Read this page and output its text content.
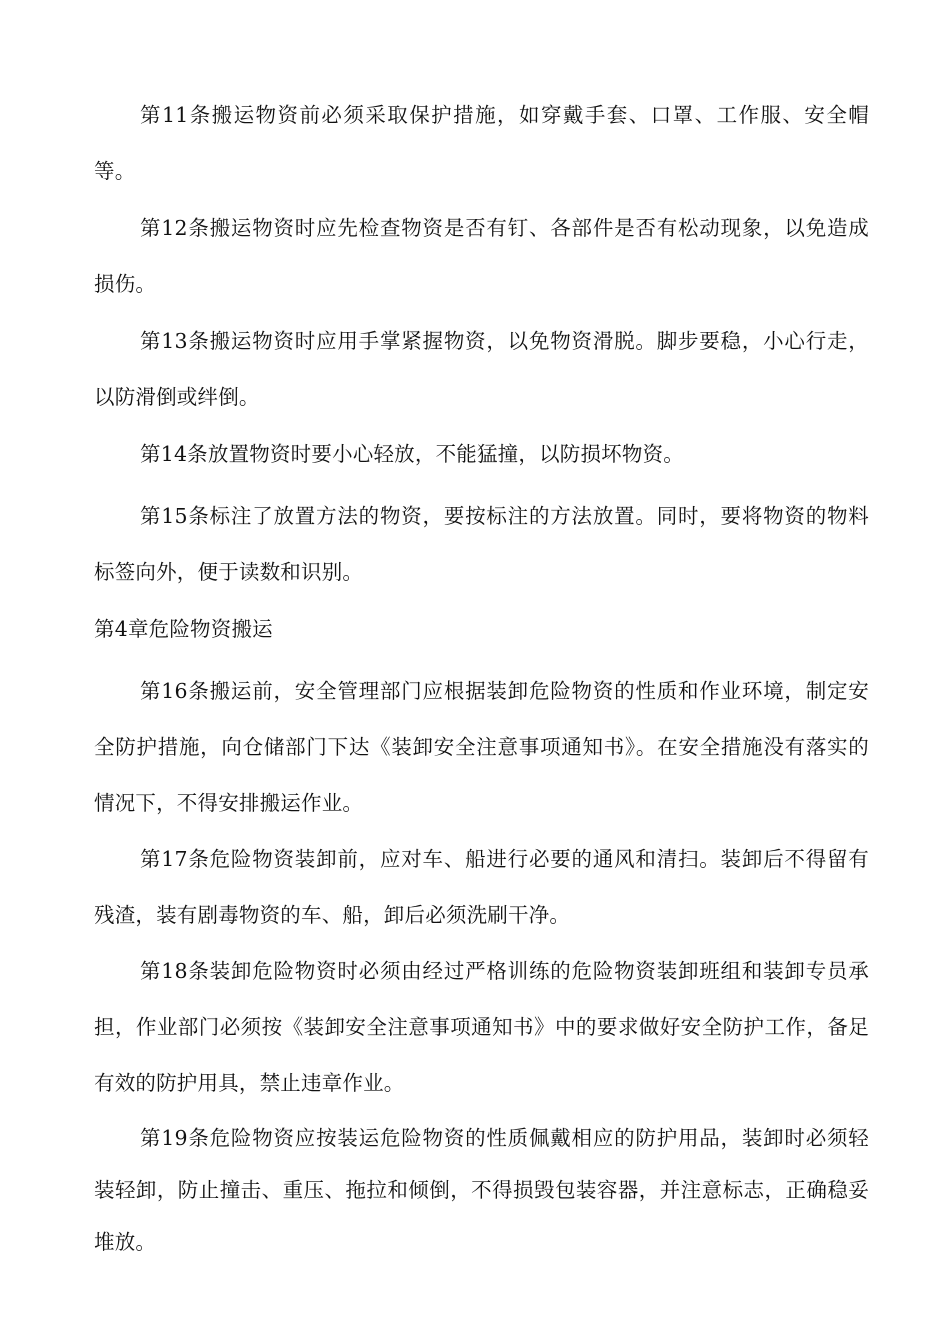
第11条搬运物资前必须采取保护措施，如穿戴手套、口罩、工作服、安全帽等。

第12条搬运物资时应先检查物资是否有钉、各部件是否有松动现象，以免造成损伤。

第13条搬运物资时应用手掌紧握物资，以免物资滑脱。脚步要稳，小心行走，以防滑倒或绊倒。

第14条放置物资时要小心轻放，不能猛撞，以防损坏物资。

第15条标注了放置方法的物资，要按标注的方法放置。同时，要将物资的物料标签向外，便于读数和识别。

第4章危险物资搬运

第16条搬运前，安全管理部门应根据装卸危险物资的性质和作业环境，制定安全防护措施，向仓储部门下达《装卸安全注意事项通知书》。在安全措施没有落实的情况下，不得安排搬运作业。

第17条危险物资装卸前，应对车、船进行必要的通风和清扫。装卸后不得留有残渣，装有剧毒物资的车、船，卸后必须洗刷干净。

第18条装卸危险物资时必须由经过严格训练的危险物资装卸班组和装卸专员承担，作业部门必须按《装卸安全注意事项通知书》中的要求做好安全防护工作，备足有效的防护用具，禁止违章作业。

第19条危险物资应按装运危险物资的性质佩戴相应的防护用品，装卸时必须轻装轻卸，防止撞击、重压、拖拉和倾倒，不得损毁包装容器，并注意标志，正确稳妥堆放。
